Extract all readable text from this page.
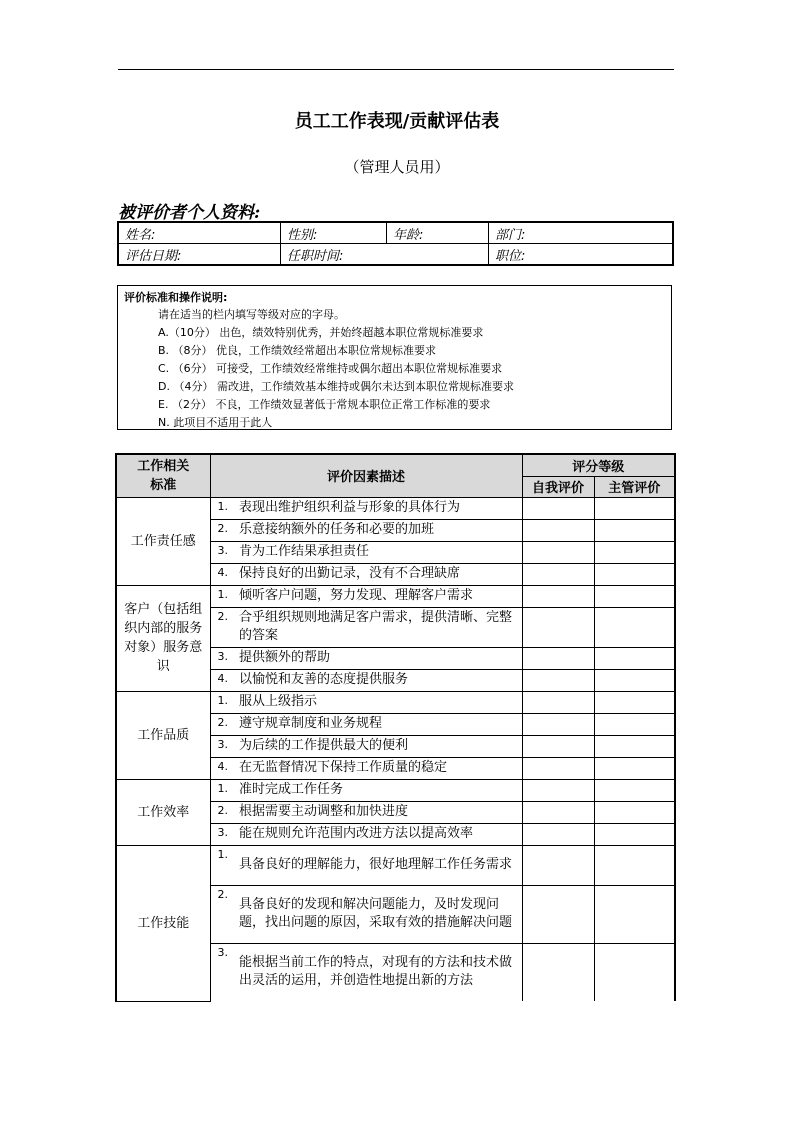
员工工作表现/贡献评估表
（管理人员用）
被评价者个人资料:
姓名:	性别:	年龄:	部门:
评估日期:	任职时间:		职位:
评价标准和操作说明:
请在适当的栏内填写等级对应的字母。
A.（10分） 出色，绩效特别优秀，并始终超越本职位常规标准要求
B. （8分） 优良，工作绩效经常超出本职位常规标准要求
C. （6分） 可接受，工作绩效经常维持或偶尔超出本职位常规标准要求
D. （4分） 需改进，工作绩效基本维持或偶尔未达到本职位常规标准要求
E. （2分） 不良，工作绩效显著低于常规本职位正常工作标准的要求
N. 此项目不适用于此人
工作相关标准	评价因素描述		评分等级	
			自我评价	主管评价
工作责任感	1.	表现出维护组织利益与形象的具体行为		
	2.	乐意接纳额外的任务和必要的加班		
	3.	肯为工作结果承担责任		
	4.	保持良好的出勤记录，没有不合理缺席		
客户（包括组织内部的服务对象）服务意识	1.	倾听客户问题，努力发现、理解客户需求		
	2.	合乎组织规则地满足客户需求，提供清晰、完整的答案		
	3.	提供额外的帮助		
	4.	以愉悦和友善的态度提供服务		
工作品质	1.	服从上级指示		
	2.	遵守规章制度和业务规程		
	3.	为后续的工作提供最大的便利		
	4.	在无监督情况下保持工作质量的稳定		
工作效率	1.	准时完成工作任务		
	2.	根据需要主动调整和加快进度		
	3.	能在规则允许范围内改进方法以提高效率		
工作技能	1.	具备良好的理解能力，很好地理解工作任务需求		
	2.	具备良好的发现和解决问题能力，及时发现问题，找出问题的原因，采取有效的措施解决问题		
	3.	能根据当前工作的特点，对现有的方法和技术做出灵活的运用，并创造性地提出新的方法		
